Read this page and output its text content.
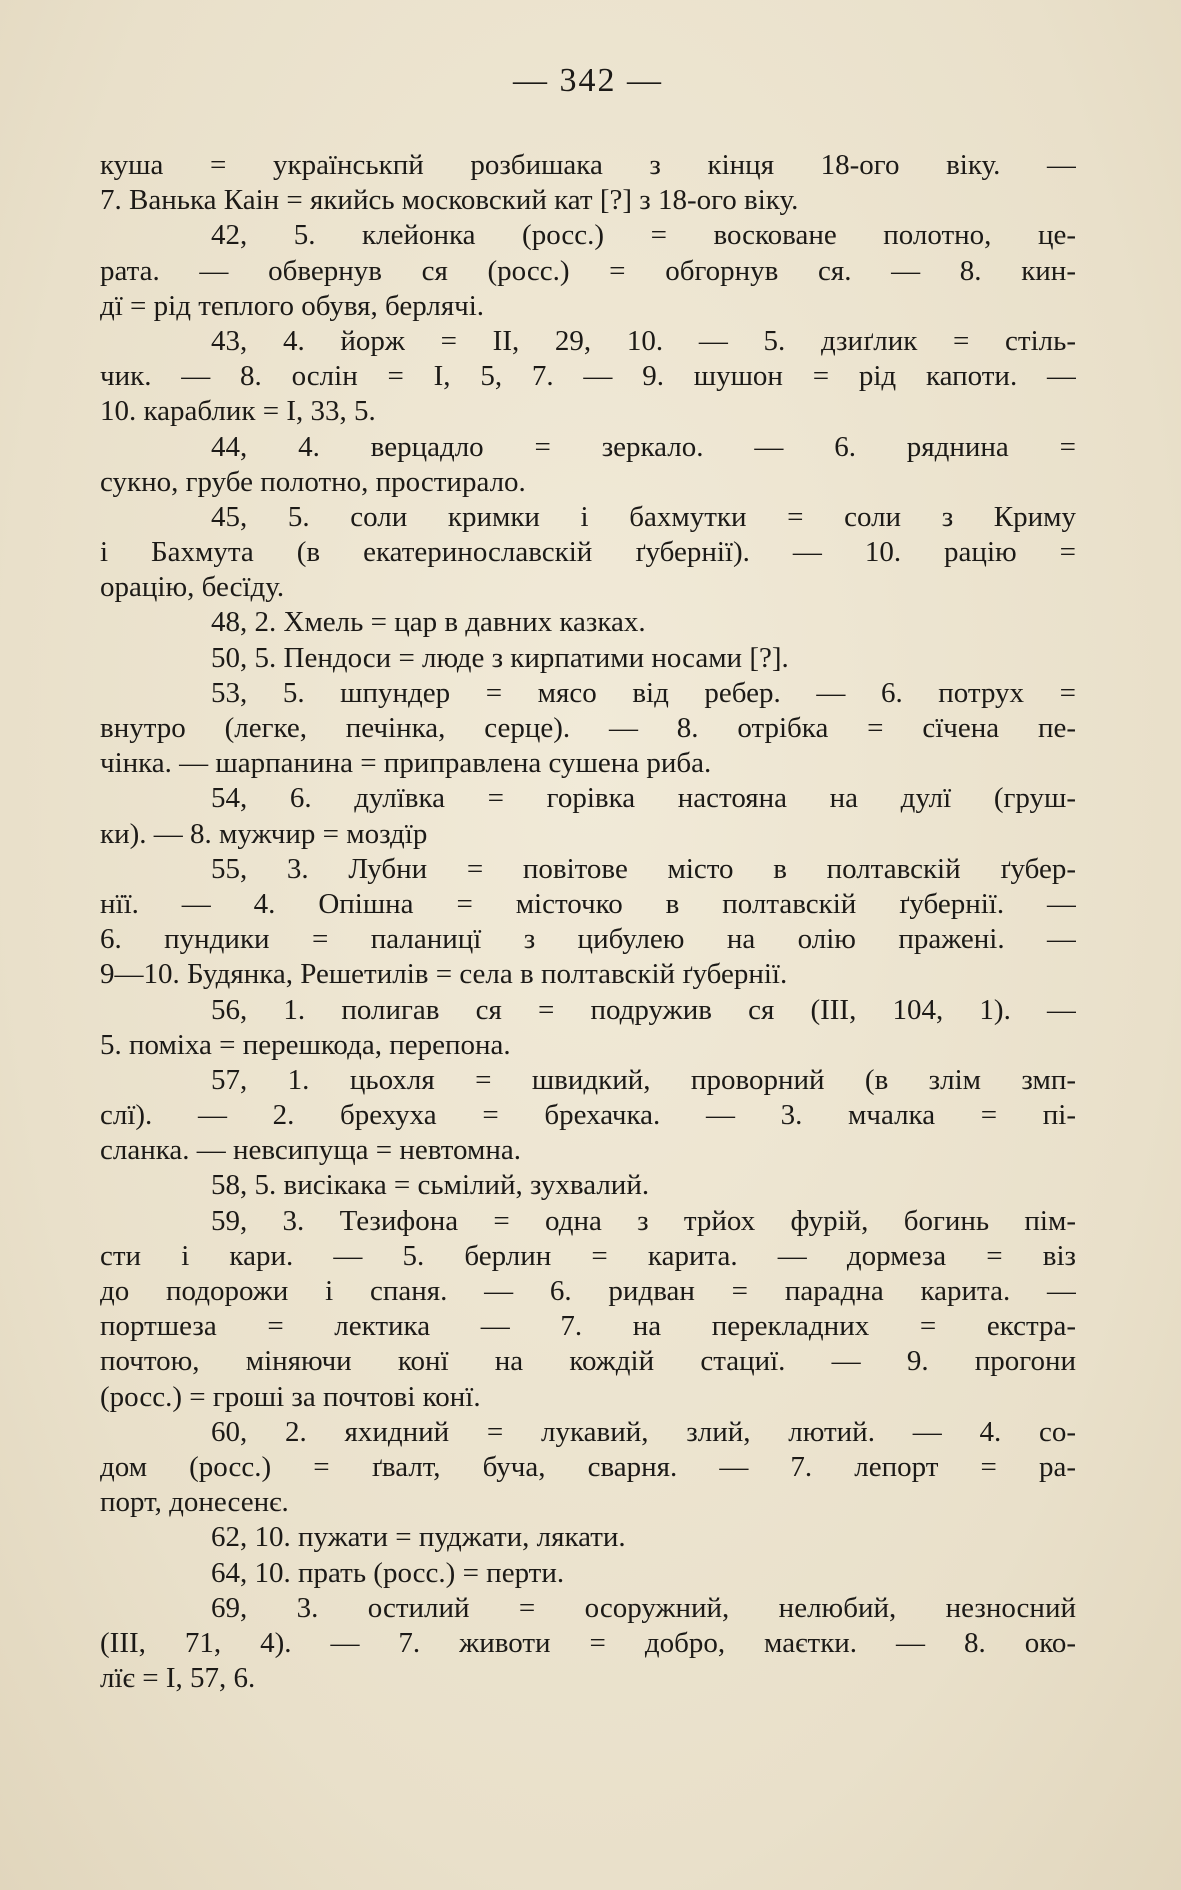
— 342 —
куша = українськпй розбишака з кінця 18-ого віку. —
7. Ванька Каін = якийсь московский кат [?] з 18-ого віку.
42, 5. клейонка (росс.) = восковане полотно, це-
рата. — обвернув ся (росс.) = обгорнув ся. — 8. кин-
дї = рід теплого обувя, берлячі.
43, 4. йорж = II, 29, 10. — 5. дзиґлик = стіль-
чик. — 8. ослін = I, 5, 7. — 9. шушон = рід капоти. —
10. караблик = I, 33, 5.
44, 4. верцадло = зеркало. — 6. ряднина =
сукно, грубе полотно, простирало.
45, 5. соли кримки і бахмутки = соли з Криму
і Бахмута (в екатеринославскій ґубернії). — 10. рацію =
орацію, бесїду.
48, 2. Хмель = цар в давних казках.
50, 5. Пендоси = люде з кирпатими носами [?].
53, 5. шпундер = мясо від ребер. — 6. потрух =
внутро (легке, печінка, серце). — 8. отрібка = сїчена пе-
чінка. — шарпанина = приправлена сушена риба.
54, 6. дулївка = горівка настояна на дулї (груш-
ки). — 8. мужчир = моздїр
55, 3. Лубни = повітове місто в полтавскій ґубер-
нїї. — 4. Опішна = місточко в полтавскій ґубернії. —
6. пундики = паланицї з цибулею на олію пражені. —
9—10. Будянка, Решетилів = села в полтавскій ґубернії.
56, 1. полигав ся = подружив ся (III, 104, 1). —
5. поміха = перешкода, перепона.
57, 1. цьохля = швидкий, проворний (в злім змп-
слї). — 2. брехуха = брехачка. — 3. мчалка = пі-
сланка. — невсипуща = невтомна.
58, 5. висікака = сьмілий, зухвалий.
59, 3. Тезифона = одна з трйох фурій, богинь пім-
сти і кари. — 5. берлин = карита. — дормеза = віз
до подорожи і спаня. — 6. ридван = парадна карита. —
портшеза = лектика — 7. на перекладних = екстра-
почтою, міняючи конї на кождій стациї. — 9. прогони
(росс.) = гроші за почтові конї.
60, 2. яхидний = лукавий, злий, лютий. — 4. со-
дом (росс.) = ґвалт, буча, сварня. — 7. лепорт = ра-
порт, донесенє.
62, 10. пужати = пуджати, лякати.
64, 10. прать (росс.) = перти.
69, 3. остилий = осоружний, нелюбий, незносний
(III, 71, 4). — 7. животи = добро, маєтки. — 8. око-
лїє = I, 57, 6.
